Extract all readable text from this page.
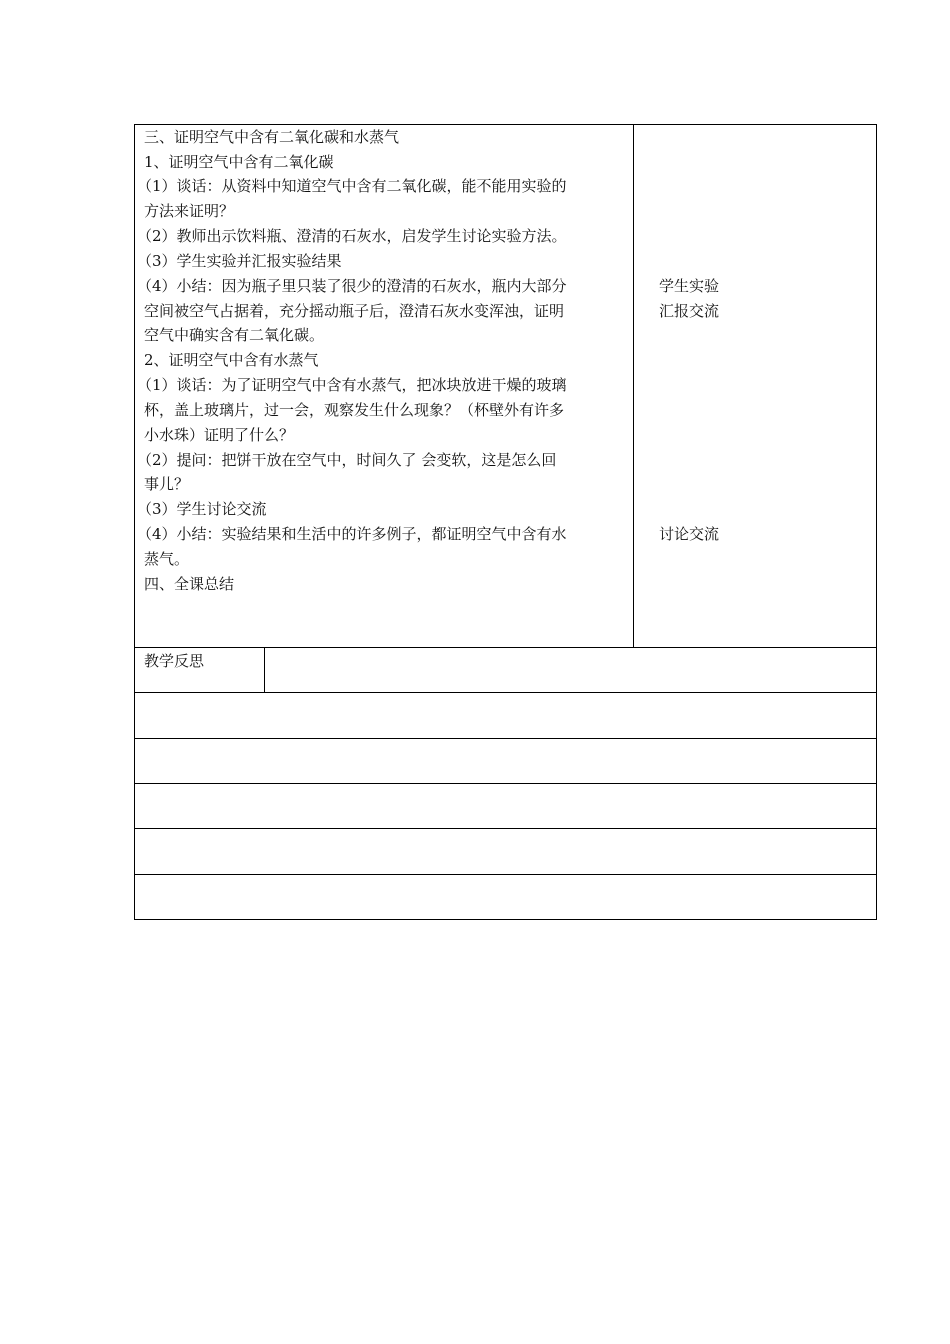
三、证明空气中含有二氧化碳和水蒸气
1、证明空气中含有二氧化碳
（1）谈话：从资料中知道空气中含有二氧化碳，能不能用实验的
方法来证明？
（2）教师出示饮料瓶、澄清的石灰水，启发学生讨论实验方法。
（3）学生实验并汇报实验结果
（4）小结：因为瓶子里只装了很少的澄清的石灰水，瓶内大部分
空间被空气占据着，充分摇动瓶子后，澄清石灰水变浑浊，证明
空气中确实含有二氧化碳。
2、证明空气中含有水蒸气
（1）谈话：为了证明空气中含有水蒸气，把冰块放进干燥的玻璃
杯，盖上玻璃片，过一会，观察发生什么现象？（杯壁外有许多
小水珠）证明了什么？
（2）提问：把饼干放在空气中，时间久了 会变软，这是怎么回
事儿？
（3）学生讨论交流
（4）小结：实验结果和生活中的许多例子，都证明空气中含有水
蒸气。
四、全课总结
学生实验
汇报交流
讨论交流
教学反思
